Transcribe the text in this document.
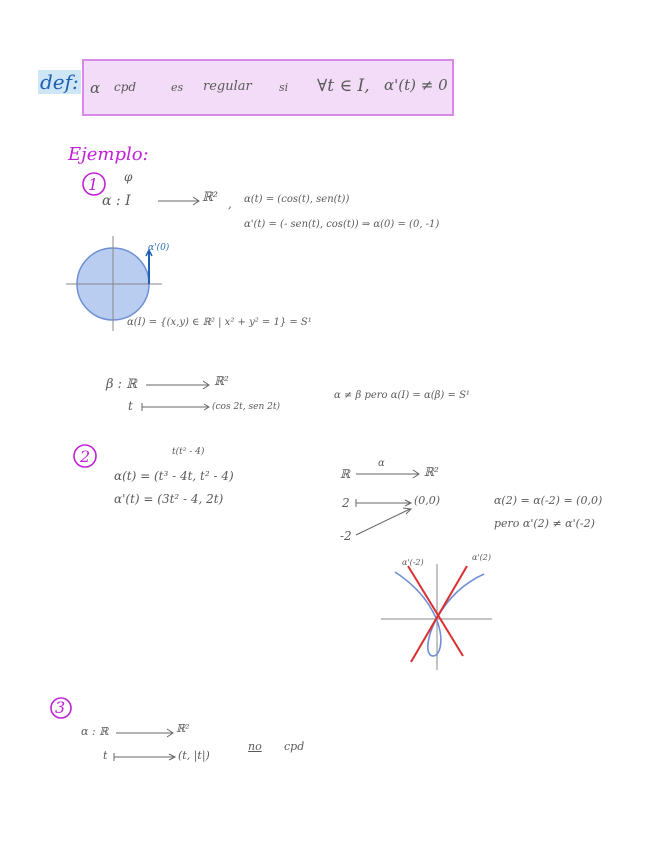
def: α cpd	es regular si ∀t ∈ I, α'(t) ≠ 0
Ejemplo:
1 φ
α : I	ℝ² , α(t) = (cos(t), sen(t))
α'(t) = (- sen(t), cos(t)) ⇒ α(0) = (0, -1)
α'(0)
α(I) = {(x,y) ∈ ℝ² | x² + y² = 1} = S¹
β : ℝ	ℝ²
t	(cos 2t, sen 2t)
α ≠ β pero α(I) = α(β) = S¹
2	t(t² - 4)
α(t) = (t³ - 4t, t² - 4)
α'(t) = (3t² - 4, 2t)
ℝ
α
ℝ²
2	(0,0)
-2
α(2) = α(-2) = (0,0)
pero α'(2) ≠ α'(-2)
α'(-2)
α'(2)
3
α : ℝ	ℝ²
t	(t, |t|)
no cpd
